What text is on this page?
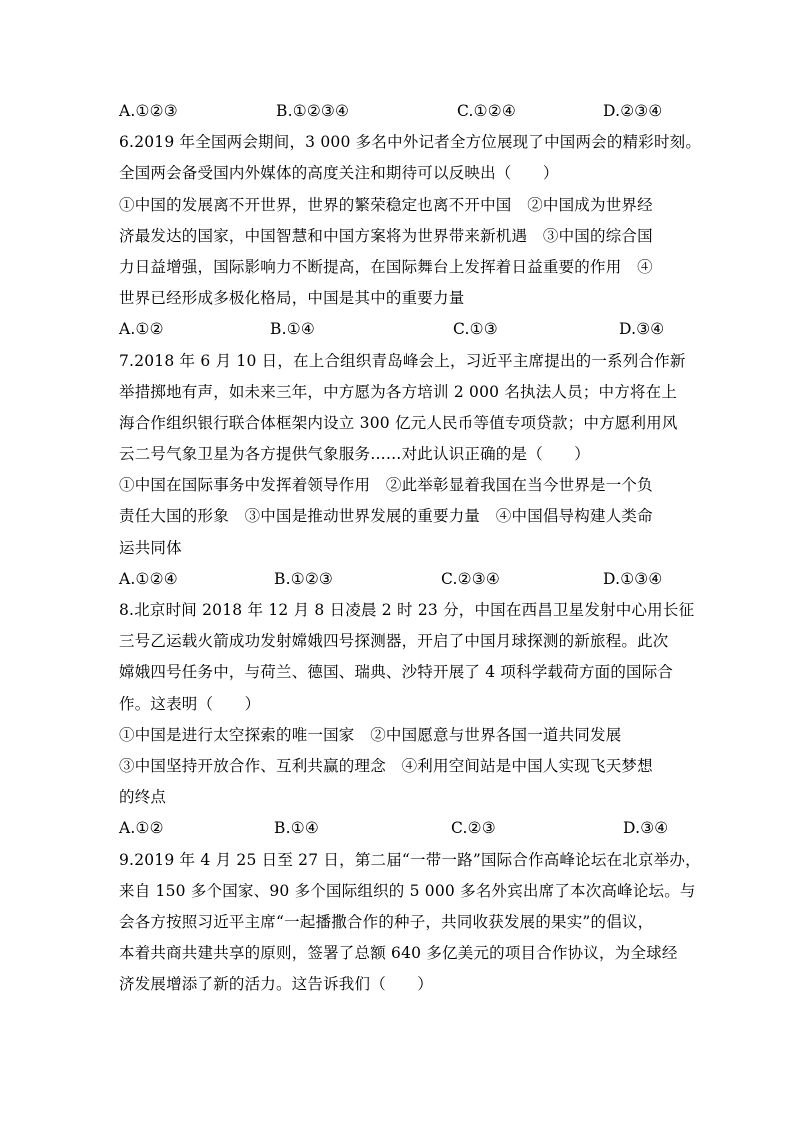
A.①②③	B.①②③④	C.①②④	D.②③④
6.2019 年全国两会期间，3 000 多名中外记者全方位展现了中国两会的精彩时刻。
全国两会备受国内外媒体的高度关注和期待可以反映出（　　）
①中国的发展离不开世界，世界的繁荣稳定也离不开中国　②中国成为世界经
济最发达的国家，中国智慧和中国方案将为世界带来新机遇　③中国的综合国
力日益增强，国际影响力不断提高，在国际舞台上发挥着日益重要的作用　④
世界已经形成多极化格局，中国是其中的重要力量
A.①②	B.①④	C.①③	D.③④
7.2018 年 6 月 10 日，在上合组织青岛峰会上，习近平主席提出的一系列合作新
举措掷地有声，如未来三年，中方愿为各方培训 2 000 名执法人员；中方将在上
海合作组织银行联合体框架内设立 300 亿元人民币等值专项贷款；中方愿利用风
云二号气象卫星为各方提供气象服务……对此认识正确的是（　　）
①中国在国际事务中发挥着领导作用　②此举彰显着我国在当今世界是一个负
责任大国的形象　③中国是推动世界发展的重要力量　④中国倡导构建人类命
运共同体
A.①②④	B.①②③	C.②③④	D.①③④
8.北京时间 2018 年 12 月 8 日凌晨 2 时 23 分，中国在西昌卫星发射中心用长征
三号乙运载火箭成功发射嫦娥四号探测器，开启了中国月球探测的新旅程。此次
嫦娥四号任务中，与荷兰、德国、瑞典、沙特开展了 4 项科学载荷方面的国际合
作。这表明（　　）
①中国是进行太空探索的唯一国家　②中国愿意与世界各国一道共同发展
③中国坚持开放合作、互利共赢的理念　④利用空间站是中国人实现飞天梦想
的终点
A.①②	B.①④	C.②③	D.③④
9.2019 年 4 月 25 日至 27 日，第二届“一带一路”国际合作高峰论坛在北京举办，
来自 150 多个国家、90 多个国际组织的 5 000 多名外宾出席了本次高峰论坛。与
会各方按照习近平主席“一起播撒合作的种子，共同收获发展的果实”的倡议，
本着共商共建共享的原则，签署了总额 640 多亿美元的项目合作协议，为全球经
济发展增添了新的活力。这告诉我们（　　）
